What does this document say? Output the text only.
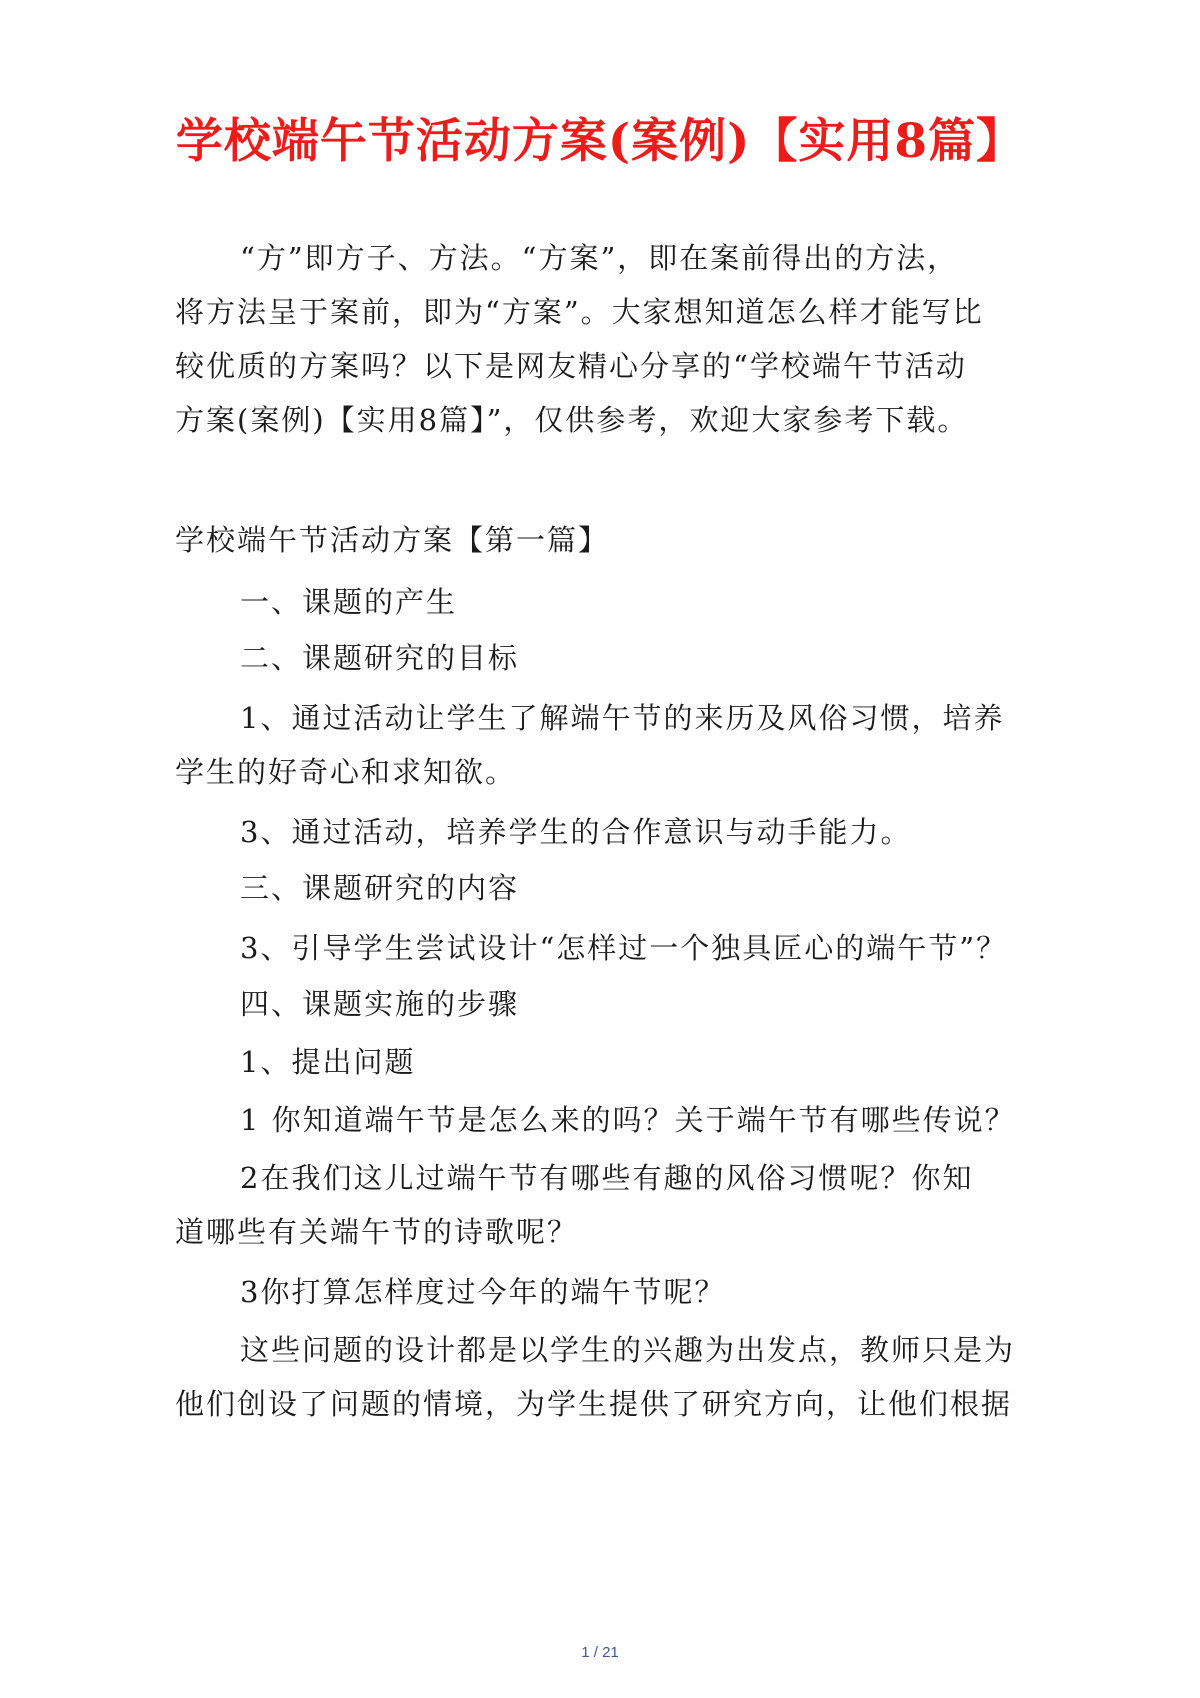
学校端午节活动方案(案例)【实用8篇】
“方”即方子、方法。“方案”，即在案前得出的方法，
将方法呈于案前，即为“方案”。大家想知道怎么样才能写比
较优质的方案吗？以下是网友精心分享的“学校端午节活动
方案(案例)【实用8篇】”，仅供参考，欢迎大家参考下载。
学校端午节活动方案【第一篇】
一、课题的产生
二、课题研究的目标
1、通过活动让学生了解端午节的来历及风俗习惯，培养
学生的好奇心和求知欲。
3、通过活动，培养学生的合作意识与动手能力。
三、课题研究的内容
3、引导学生尝试设计“怎样过一个独具匠心的端午节”？
四、课题实施的步骤
1、提出问题
1 你知道端午节是怎么来的吗？关于端午节有哪些传说？
2在我们这儿过端午节有哪些有趣的风俗习惯呢？你知
道哪些有关端午节的诗歌呢？
3你打算怎样度过今年的端午节呢？
这些问题的设计都是以学生的兴趣为出发点，教师只是为
他们创设了问题的情境，为学生提供了研究方向，让他们根据
1 / 21
